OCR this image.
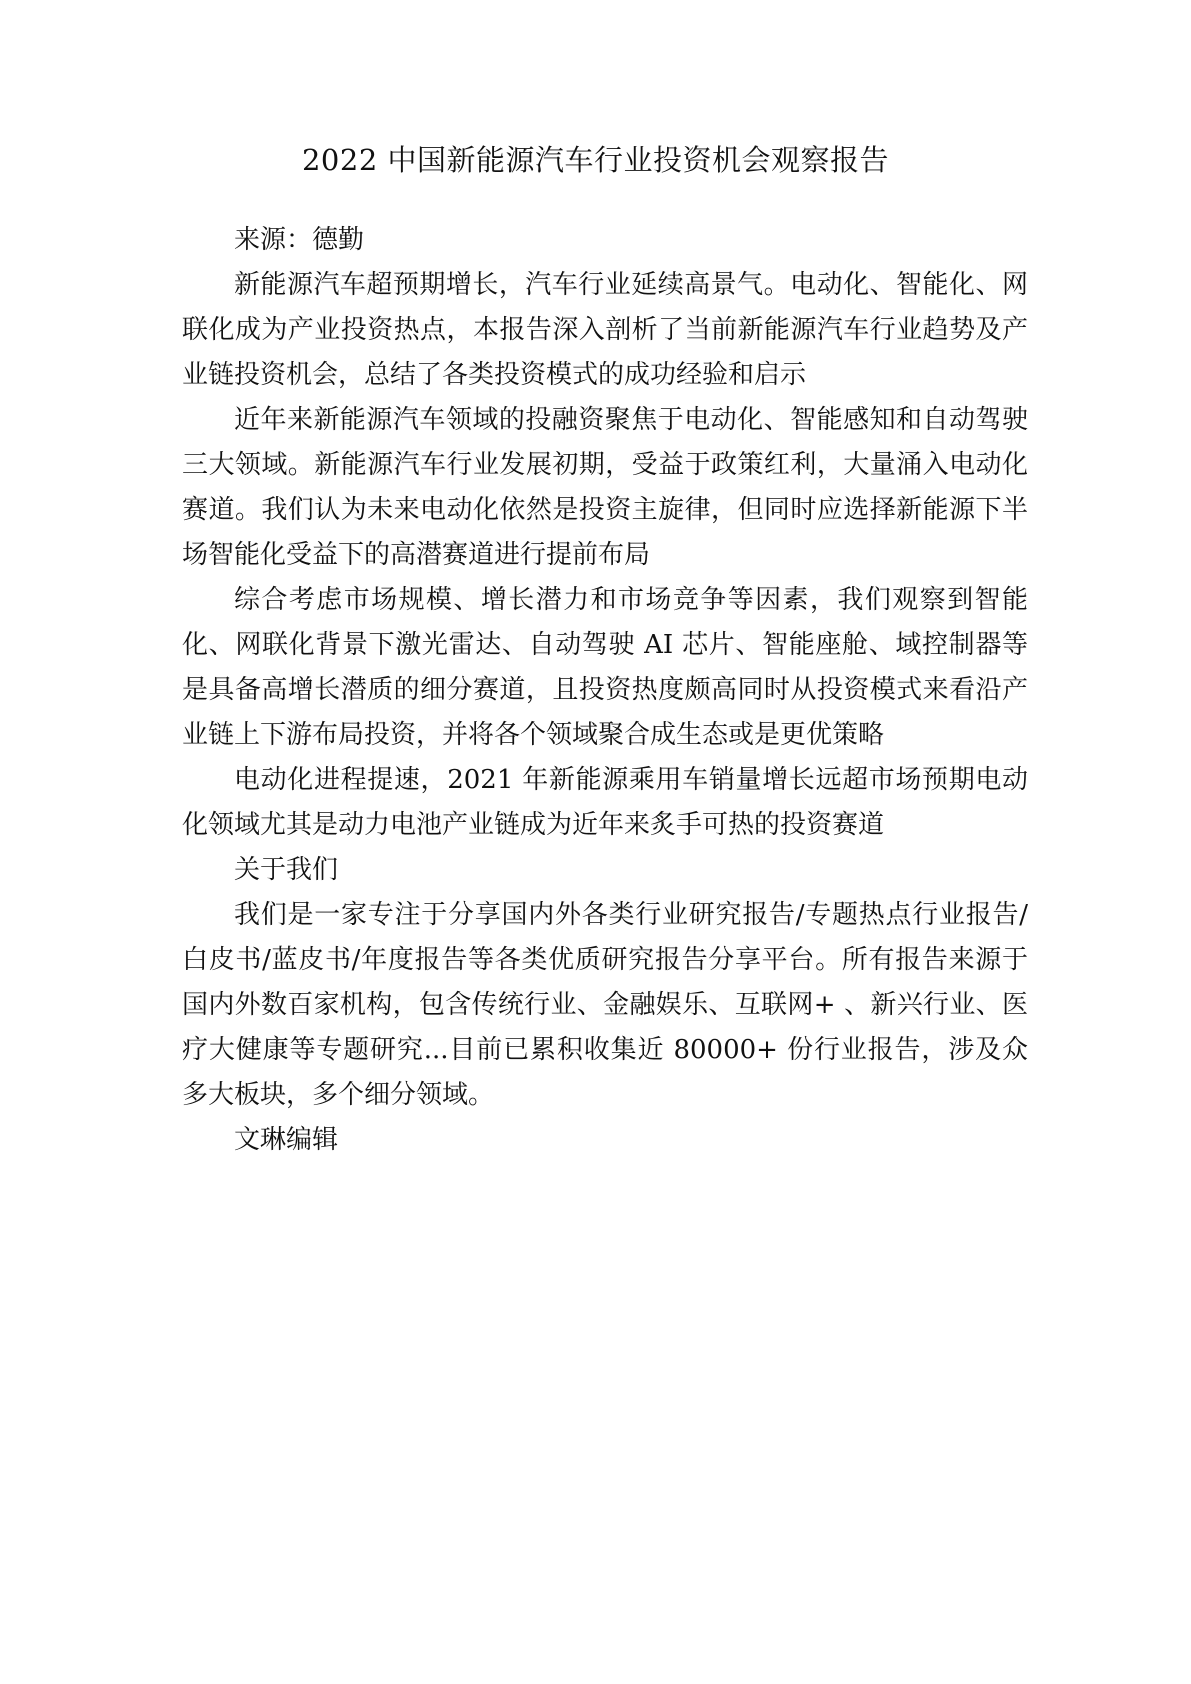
2022 中国新能源汽车行业投资机会观察报告

来源：德勤

新能源汽车超预期增长，汽车行业延续高景气。电动化、智能化、网联化成为产业投资热点，本报告深入剖析了当前新能源汽车行业趋势及产业链投资机会，总结了各类投资模式的成功经验和启示

近年来新能源汽车领域的投融资聚焦于电动化、智能感知和自动驾驶三大领域。新能源汽车行业发展初期，受益于政策红利，大量涌入电动化赛道。我们认为未来电动化依然是投资主旋律，但同时应选择新能源下半场智能化受益下的高潜赛道进行提前布局

综合考虑市场规模、增长潜力和市场竞争等因素，我们观察到智能化、网联化背景下激光雷达、自动驾驶 AI 芯片、智能座舱、域控制器等是具备高增长潜质的细分赛道，且投资热度颇高同时从投资模式来看沿产业链上下游布局投资，并将各个领域聚合成生态或是更优策略

电动化进程提速，2021 年新能源乘用车销量增长远超市场预期电动化领域尤其是动力电池产业链成为近年来炙手可热的投资赛道

关于我们

我们是一家专注于分享国内外各类行业研究报告/专题热点行业报告/白皮书/蓝皮书/年度报告等各类优质研究报告分享平台。所有报告来源于国内外数百家机构，包含传统行业、金融娱乐、互联网+ 、新兴行业、医疗大健康等专题研究...目前已累积收集近 80000+ 份行业报告，涉及众多大板块，多个细分领域。

文琳编辑
